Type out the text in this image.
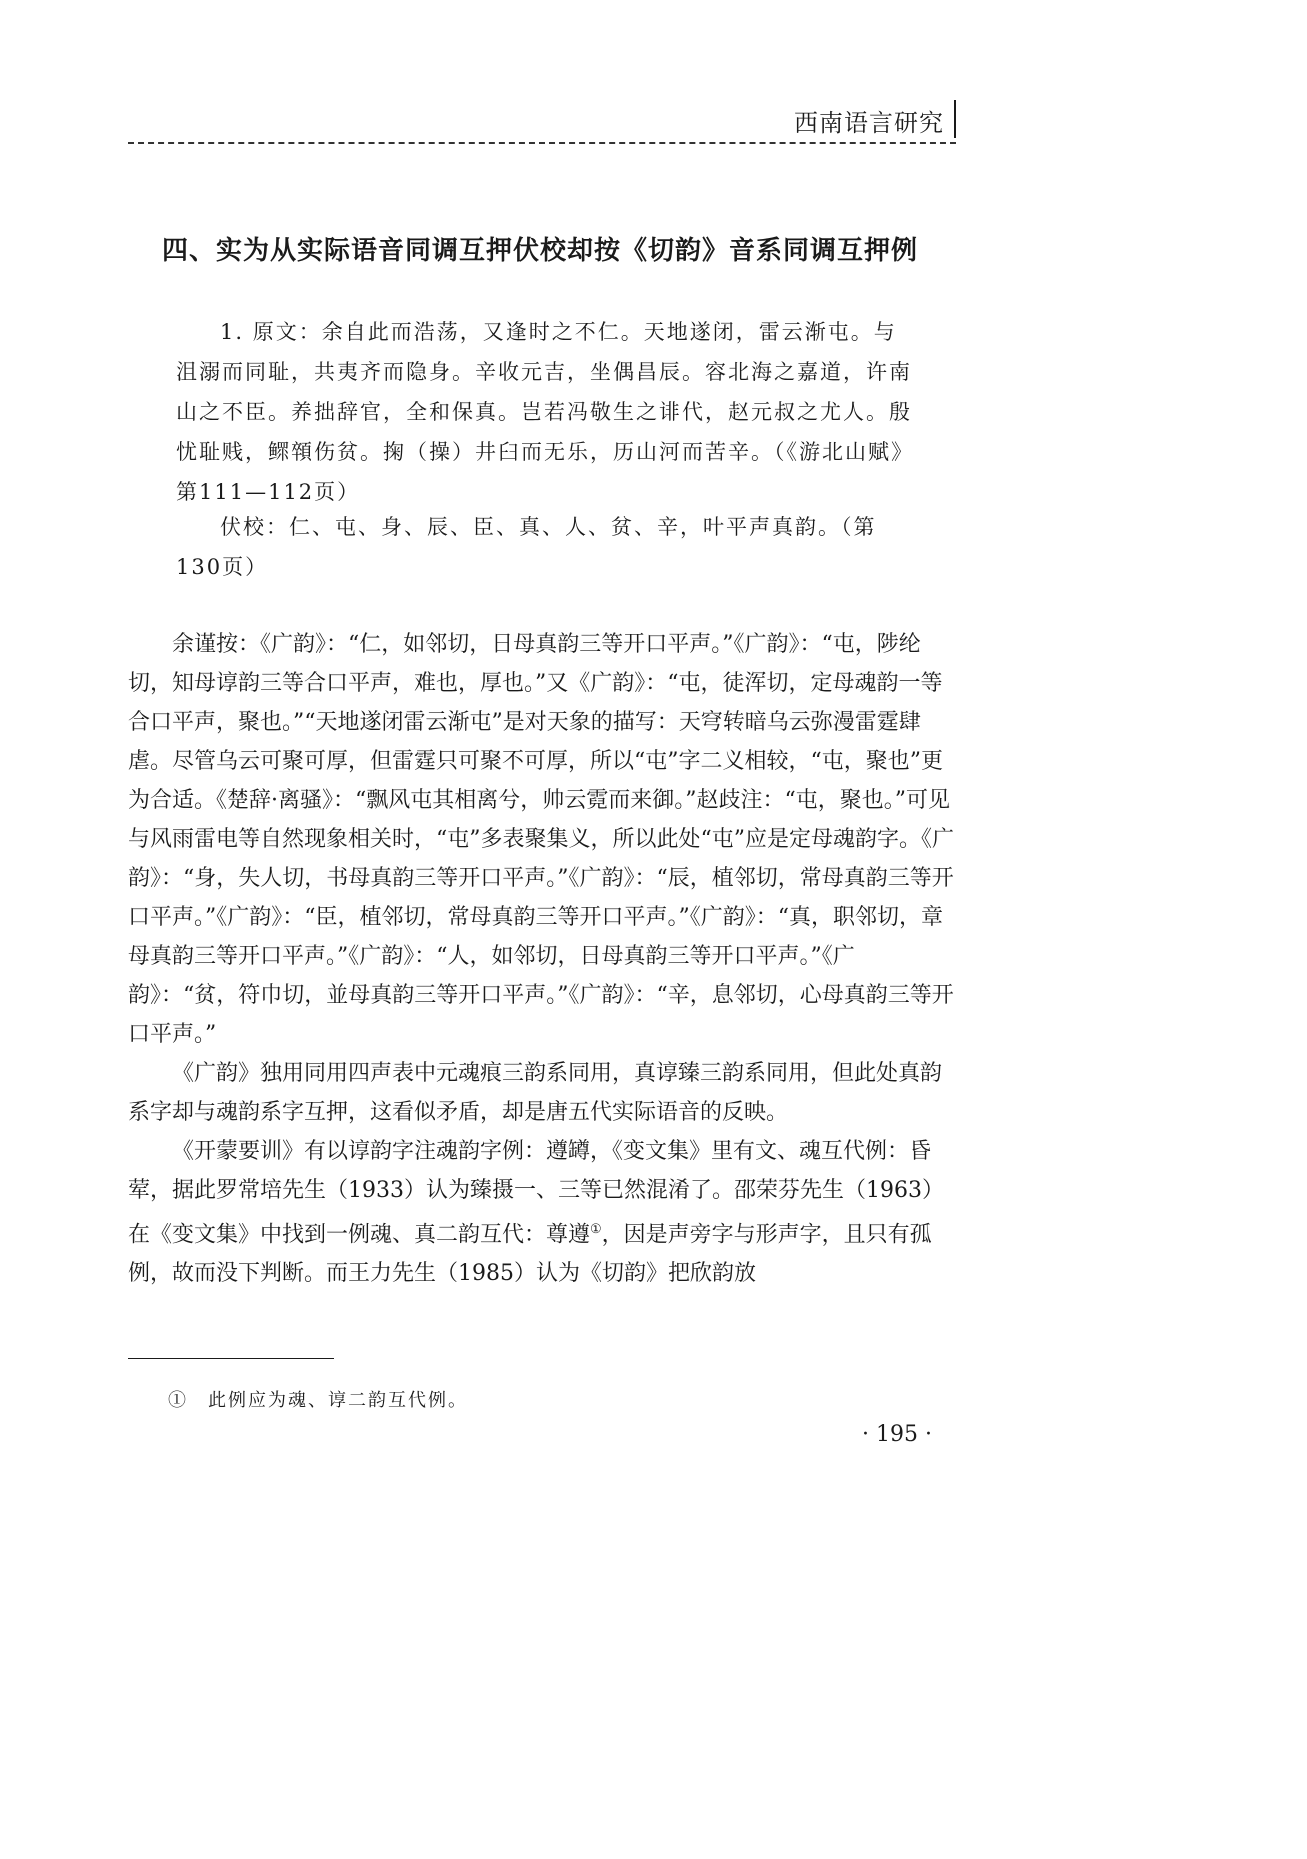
西南语言研究
四、实为从实际语音同调互押伏校却按《切韵》音系同调互押例

1. 原文：余自此而浩荡，又逢时之不仁。天地遂闭，雷云渐屯。与沮溺而同耻，共夷齐而隐身。辛收元吉，坐偶昌辰。容北海之嘉道，许南山之不臣。养拙辞官，全和保真。岂若冯敬生之诽代，赵元叔之尤人。殷忧耻贱，鳏顇伤贫。掬（操）井臼而无乐，历山河而苦辛。（《游北山赋》第111—112页）

伏校：仁、屯、身、辰、臣、真、人、贫、辛，叶平声真韵。（第130页）

余谨按：《广韵》：“仁，如邻切，日母真韵三等开口平声。”《广韵》：“屯，陟纶切，知母谆韵三等合口平声，难也，厚也。”又《广韵》：“屯，徒浑切，定母魂韵一等合口平声，聚也。”“天地遂闭雷云渐屯”是对天象的描写：天穹转暗乌云弥漫雷霆肆虐。尽管乌云可聚可厚，但雷霆只可聚不可厚，所以“屯”字二义相较，“屯，聚也”更为合适。《楚辞·离骚》：“飘风屯其相离兮，帅云霓而来御。”赵歧注：“屯，聚也。”可见与风雨雷电等自然现象相关时，“屯”多表聚集义，所以此处“屯”应是定母魂韵字。《广韵》：“身，失人切，书母真韵三等开口平声。”《广韵》：“辰，植邻切，常母真韵三等开口平声。”《广韵》：“臣，植邻切，常母真韵三等开口平声。”《广韵》：“真，职邻切，章母真韵三等开口平声。”《广韵》：“人，如邻切，日母真韵三等开口平声。”《广韵》：“贫，符巾切，並母真韵三等开口平声。”《广韵》：“辛，息邻切，心母真韵三等开口平声。”

《广韵》独用同用四声表中元魂痕三韵系同用，真谆臻三韵系同用，但此处真韵系字却与魂韵系字互押，这看似矛盾，却是唐五代实际语音的反映。

《开蒙要训》有以谆韵字注魂韵字例：遵罇，《变文集》里有文、魂互代例：昏荤，据此罗常培先生（1933）认为臻摄一、三等已然混淆了。邵荣芬先生（1963）在《变文集》中找到一例魂、真二韵互代：尊遵①，因是声旁字与形声字，且只有孤例，故而没下判断。而王力先生（1985）认为《切韵》把欣韵放

①　此例应为魂、谆二韵互代例。
· 195 ·
